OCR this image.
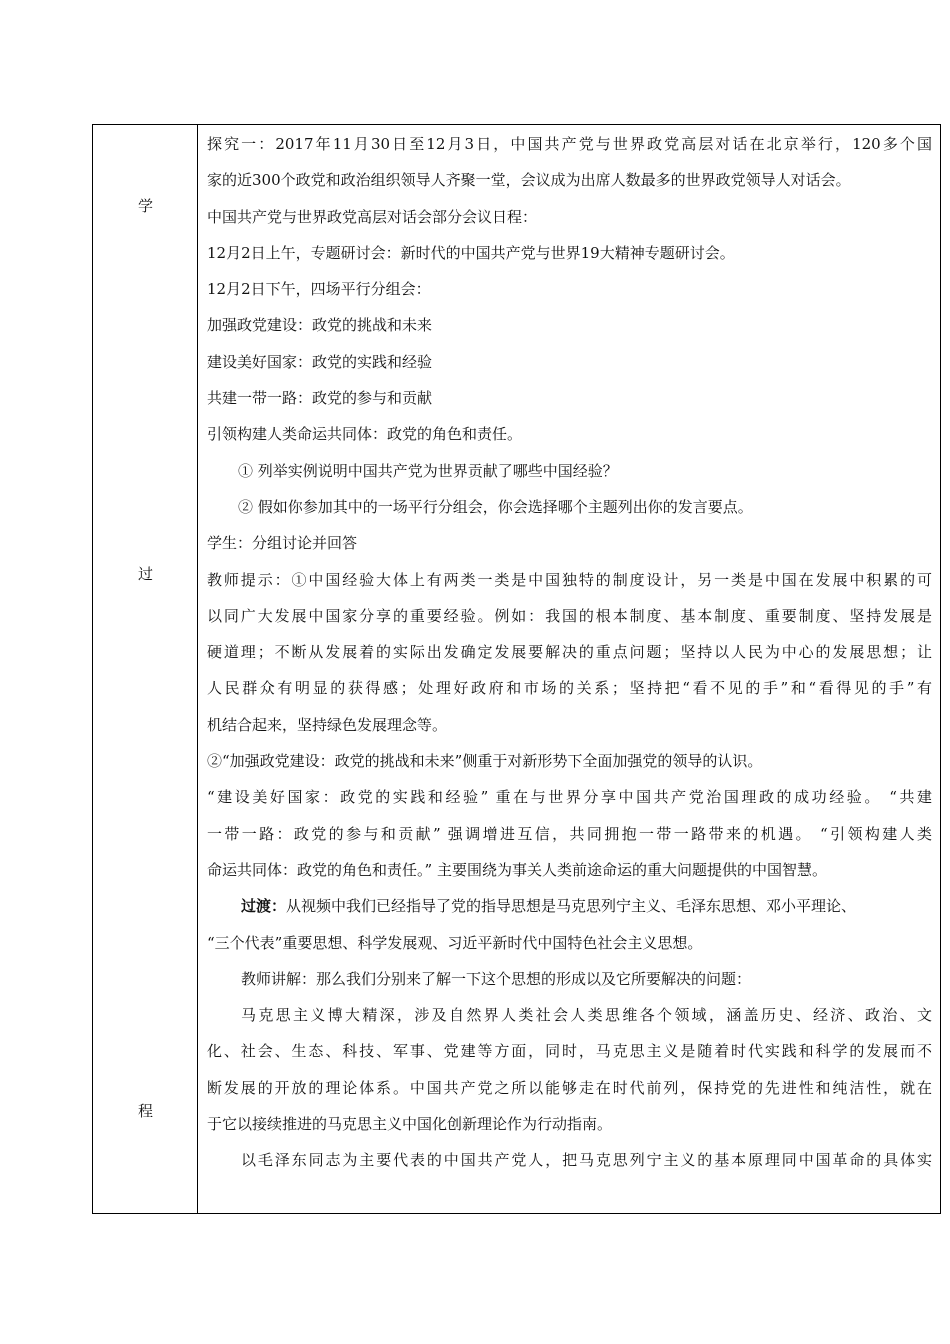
学
过
程
探究一：2017年11月30日至12月3日，中国共产党与世界政党高层对话在北京举行，120多个国
家的近300个政党和政治组织领导人齐聚一堂，会议成为出席人数最多的世界政党领导人对话会。
中国共产党与世界政党高层对话会部分会议日程：
12月2日上午，专题研讨会：新时代的中国共产党与世界19大精神专题研讨会。
12月2日下午，四场平行分组会：
加强政党建设：政党的挑战和未来
建设美好国家：政党的实践和经验
共建一带一路：政党的参与和贡献
引领构建人类命运共同体：政党的角色和责任。
① 列举实例说明中国共产党为世界贡献了哪些中国经验？
② 假如你参加其中的一场平行分组会，你会选择哪个主题列出你的发言要点。
学生：分组讨论并回答
教师提示：①中国经验大体上有两类一类是中国独特的制度设计，另一类是中国在发展中积累的可
以同广大发展中国家分享的重要经验。例如：我国的根本制度、基本制度、重要制度、坚持发展是
硬道理；不断从发展着的实际出发确定发展要解决的重点问题；坚持以人民为中心的发展思想；让
人民群众有明显的获得感；处理好政府和市场的关系；坚持把“看不见的手”和“看得见的手”有
机结合起来，坚持绿色发展理念等。
②“加强政党建设：政党的挑战和未来”侧重于对新形势下全面加强党的领导的认识。
“建设美好国家：政党的实践和经验” 重在与世界分享中国共产党治国理政的成功经验。 “共建
一带一路：政党的参与和贡献” 强调增进互信，共同拥抱一带一路带来的机遇。 “引领构建人类
命运共同体：政党的角色和责任。” 主要围绕为事关人类前途命运的重大问题提供的中国智慧。
过渡：从视频中我们已经指导了党的指导思想是马克思列宁主义、毛泽东思想、邓小平理论、
“三个代表”重要思想、科学发展观、习近平新时代中国特色社会主义思想。
教师讲解：那么我们分别来了解一下这个思想的形成以及它所要解决的问题：
马克思主义博大精深，涉及自然界人类社会人类思维各个领域，涵盖历史、经济、政治、文
化、社会、生态、科技、军事、党建等方面，同时，马克思主义是随着时代实践和科学的发展而不
断发展的开放的理论体系。中国共产党之所以能够走在时代前列，保持党的先进性和纯洁性，就在
于它以接续推进的马克思主义中国化创新理论作为行动指南。
以毛泽东同志为主要代表的中国共产党人，把马克思列宁主义的基本原理同中国革命的具体实
